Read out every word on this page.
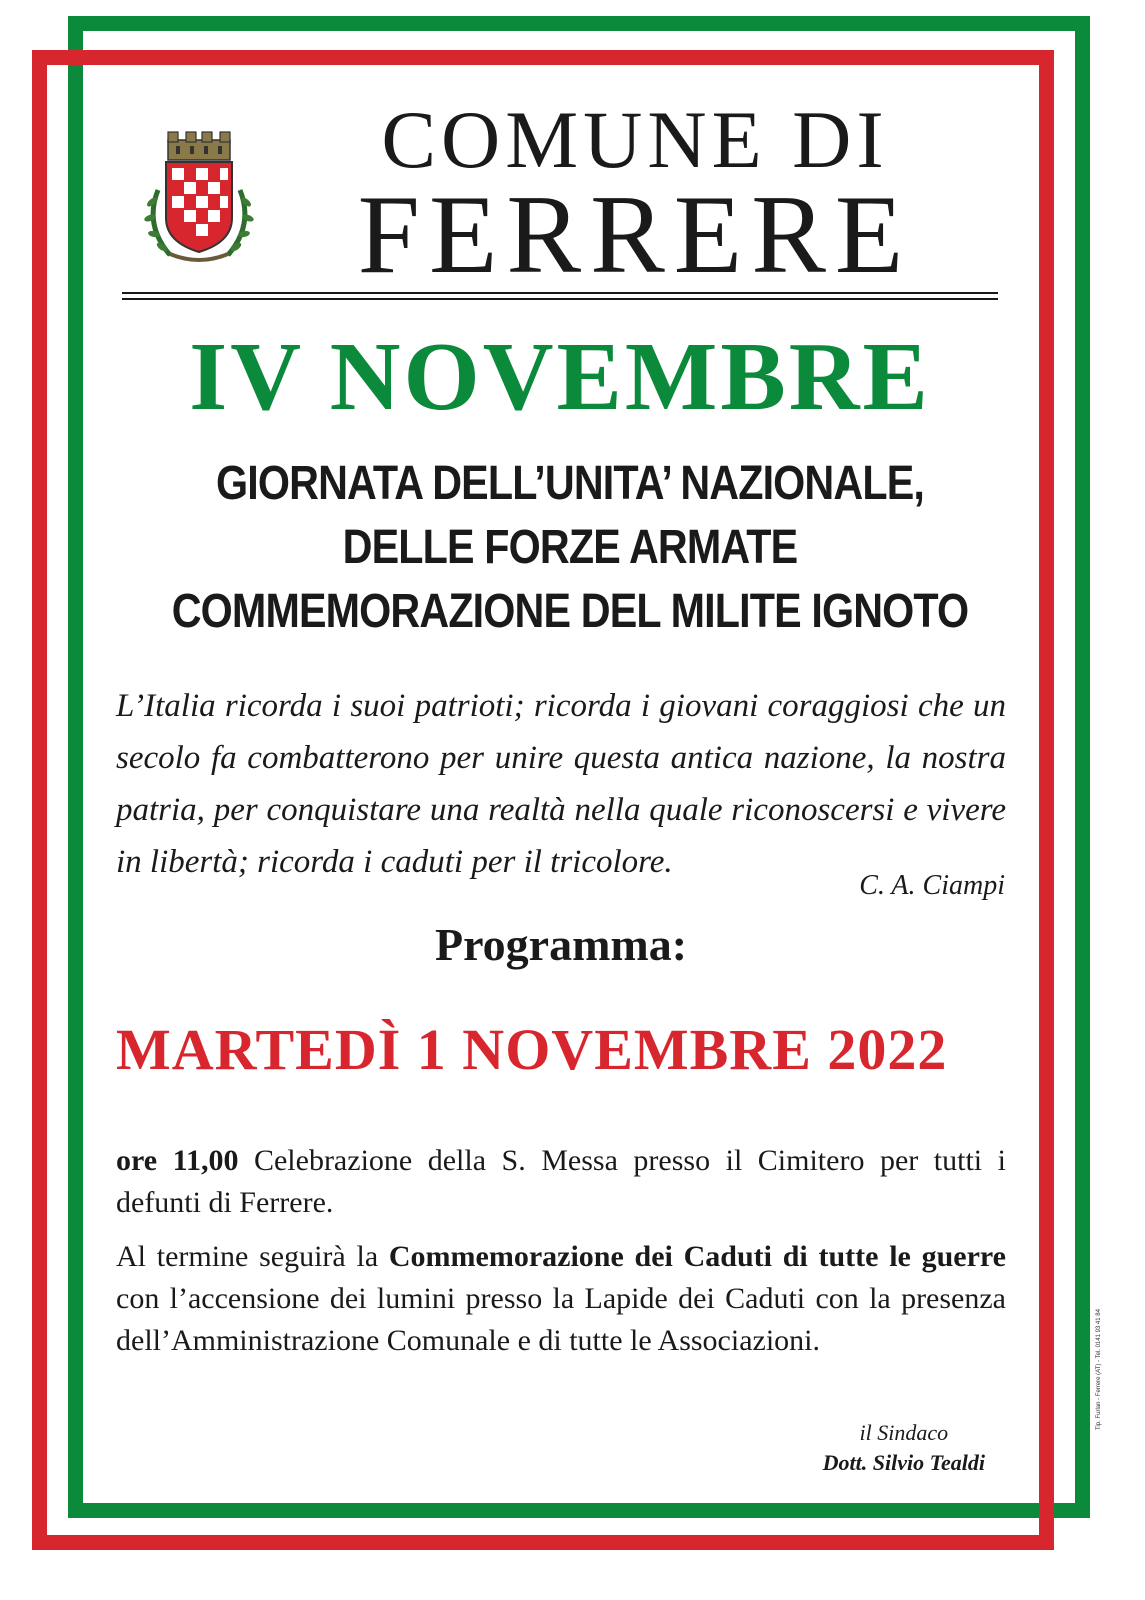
COMUNE DI
FERRERE
IV NOVEMBRE
GIORNATA DELL’UNITA’ NAZIONALE,
DELLE FORZE ARMATE
COMMEMORAZIONE DEL MILITE IGNOTO
L’Italia ricorda i suoi patrioti; ricorda i giovani coraggiosi che un secolo fa combatterono per unire questa antica nazione, la nostra patria, per conquistare una realtà nella quale riconoscersi e vivere in libertà; ricorda i caduti per il tricolore.
C. A. Ciampi
Programma:
MARTEDÌ 1 NOVEMBRE 2022
ore 11,00 Celebrazione della S. Messa presso il Cimitero per tutti i defunti di Ferrere.
Al termine seguirà la Commemorazione dei Caduti di tutte le guerre con l’accensione dei lumini presso la Lapide dei Caduti con la presenza dell’Amministrazione Comunale e di tutte le Associazioni.
il Sindaco
Dott. Silvio Tealdi
Tip. Furlan - Ferrere (AT) - Tel. 0141 93 41 84
